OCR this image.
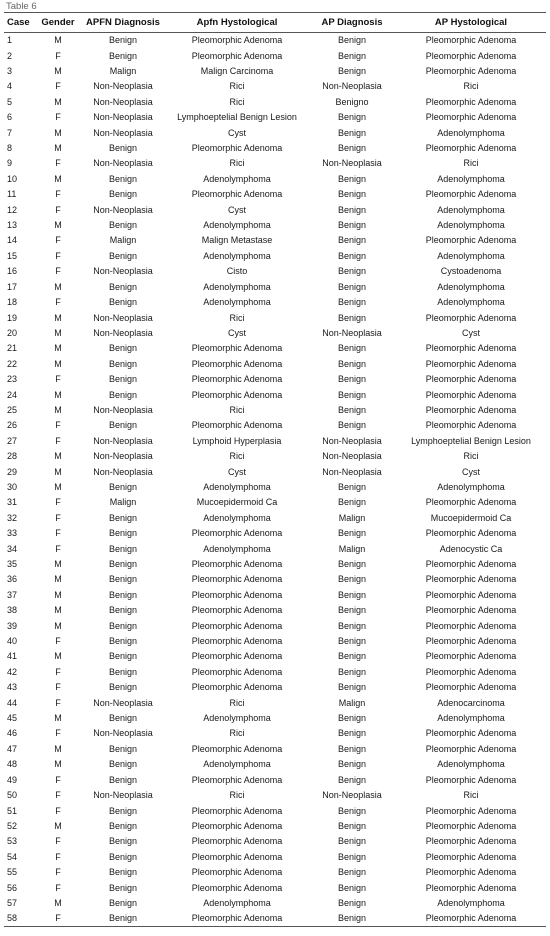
Table 6
Case	Gender	APFN Diagnosis	Apfn Hystological	AP Diagnosis	AP Hystological
1	M	Benign	Pleomorphic Adenoma	Benign	Pleomorphic Adenoma
2	F	Benign	Pleomorphic Adenoma	Benign	Pleomorphic Adenoma
3	M	Malign	Malign Carcinoma	Benign	Pleomorphic Adenoma
4	F	Non-Neoplasia	Rici	Non-Neoplasia	Rici
5	M	Non-Neoplasia	Rici	Benigno	Pleomorphic Adenoma
6	F	Non-Neoplasia	Lymphoeptelial Benign Lesion	Benign	Pleomorphic Adenoma
7	M	Non-Neoplasia	Cyst	Benign	Adenolymphoma
8	M	Benign	Pleomorphic Adenoma	Benign	Pleomorphic Adenoma
9	F	Non-Neoplasia	Rici	Non-Neoplasia	Rici
10	M	Benign	Adenolymphoma	Benign	Adenolymphoma
11	F	Benign	Pleomorphic Adenoma	Benign	Pleomorphic Adenoma
12	F	Non-Neoplasia	Cyst	Benign	Adenolymphoma
13	M	Benign	Adenolymphoma	Benign	Adenolymphoma
14	F	Malign	Malign Metastase	Benign	Pleomorphic Adenoma
15	F	Benign	Adenolymphoma	Benign	Adenolymphoma
16	F	Non-Neoplasia	Cisto	Benign	Cystoadenoma
17	M	Benign	Adenolymphoma	Benign	Adenolymphoma
18	F	Benign	Adenolymphoma	Benign	Adenolymphoma
19	M	Non-Neoplasia	Rici	Benign	Pleomorphic Adenoma
20	M	Non-Neoplasia	Cyst	Non-Neoplasia	Cyst
21	M	Benign	Pleomorphic Adenoma	Benign	Pleomorphic Adenoma
22	M	Benign	Pleomorphic Adenoma	Benign	Pleomorphic Adenoma
23	F	Benign	Pleomorphic Adenoma	Benign	Pleomorphic Adenoma
24	M	Benign	Pleomorphic Adenoma	Benign	Pleomorphic Adenoma
25	M	Non-Neoplasia	Rici	Benign	Pleomorphic Adenoma
26	F	Benign	Pleomorphic Adenoma	Benign	Pleomorphic Adenoma
27	F	Non-Neoplasia	Lymphoid Hyperplasia	Non-Neoplasia	Lymphoeptelial Benign Lesion
28	M	Non-Neoplasia	Rici	Non-Neoplasia	Rici
29	M	Non-Neoplasia	Cyst	Non-Neoplasia	Cyst
30	M	Benign	Adenolymphoma	Benign	Adenolymphoma
31	F	Malign	Mucoepidermoid Ca	Benign	Pleomorphic Adenoma
32	F	Benign	Adenolymphoma	Malign	Mucoepidermoid Ca
33	F	Benign	Pleomorphic Adenoma	Benign	Pleomorphic Adenoma
34	F	Benign	Adenolymphoma	Malign	Adenocystic Ca
35	M	Benign	Pleomorphic Adenoma	Benign	Pleomorphic Adenoma
36	M	Benign	Pleomorphic Adenoma	Benign	Pleomorphic Adenoma
37	M	Benign	Pleomorphic Adenoma	Benign	Pleomorphic Adenoma
38	M	Benign	Pleomorphic Adenoma	Benign	Pleomorphic Adenoma
39	M	Benign	Pleomorphic Adenoma	Benign	Pleomorphic Adenoma
40	F	Benign	Pleomorphic Adenoma	Benign	Pleomorphic Adenoma
41	M	Benign	Pleomorphic Adenoma	Benign	Pleomorphic Adenoma
42	F	Benign	Pleomorphic Adenoma	Benign	Pleomorphic Adenoma
43	F	Benign	Pleomorphic Adenoma	Benign	Pleomorphic Adenoma
44	F	Non-Neoplasia	Rici	Malign	Adenocarcinoma
45	M	Benign	Adenolymphoma	Benign	Adenolymphoma
46	F	Non-Neoplasia	Rici	Benign	Pleomorphic Adenoma
47	M	Benign	Pleomorphic Adenoma	Benign	Pleomorphic Adenoma
48	M	Benign	Adenolymphoma	Benign	Adenolymphoma
49	F	Benign	Pleomorphic Adenoma	Benign	Pleomorphic Adenoma
50	F	Non-Neoplasia	Rici	Non-Neoplasia	Rici
51	F	Benign	Pleomorphic Adenoma	Benign	Pleomorphic Adenoma
52	M	Benign	Pleomorphic Adenoma	Benign	Pleomorphic Adenoma
53	F	Benign	Pleomorphic Adenoma	Benign	Pleomorphic Adenoma
54	F	Benign	Pleomorphic Adenoma	Benign	Pleomorphic Adenoma
55	F	Benign	Pleomorphic Adenoma	Benign	Pleomorphic Adenoma
56	F	Benign	Pleomorphic Adenoma	Benign	Pleomorphic Adenoma
57	M	Benign	Adenolymphoma	Benign	Adenolymphoma
58	F	Benign	Pleomorphic Adenoma	Benign	Pleomorphic Adenoma
